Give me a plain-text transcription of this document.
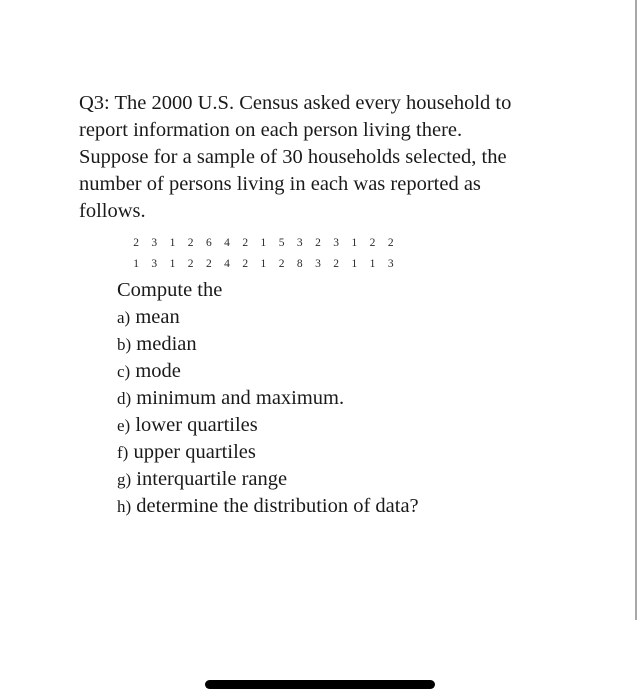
Q3: The 2000 U.S. Census asked every household to
report information on each person living there.
Suppose for a sample of 30 households selected, the
number of persons living in each was reported as
follows.
2	3	1	2	6	4	2	1	5	3	2	3	1	2	2
1	3	1	2	2	4	2	1	2	8	3	2	1	1	3
Compute the
a) mean
b) median
c) mode
d) minimum and maximum.
e) lower quartiles
f) upper quartiles
g) interquartile range
h) determine the distribution of data?
